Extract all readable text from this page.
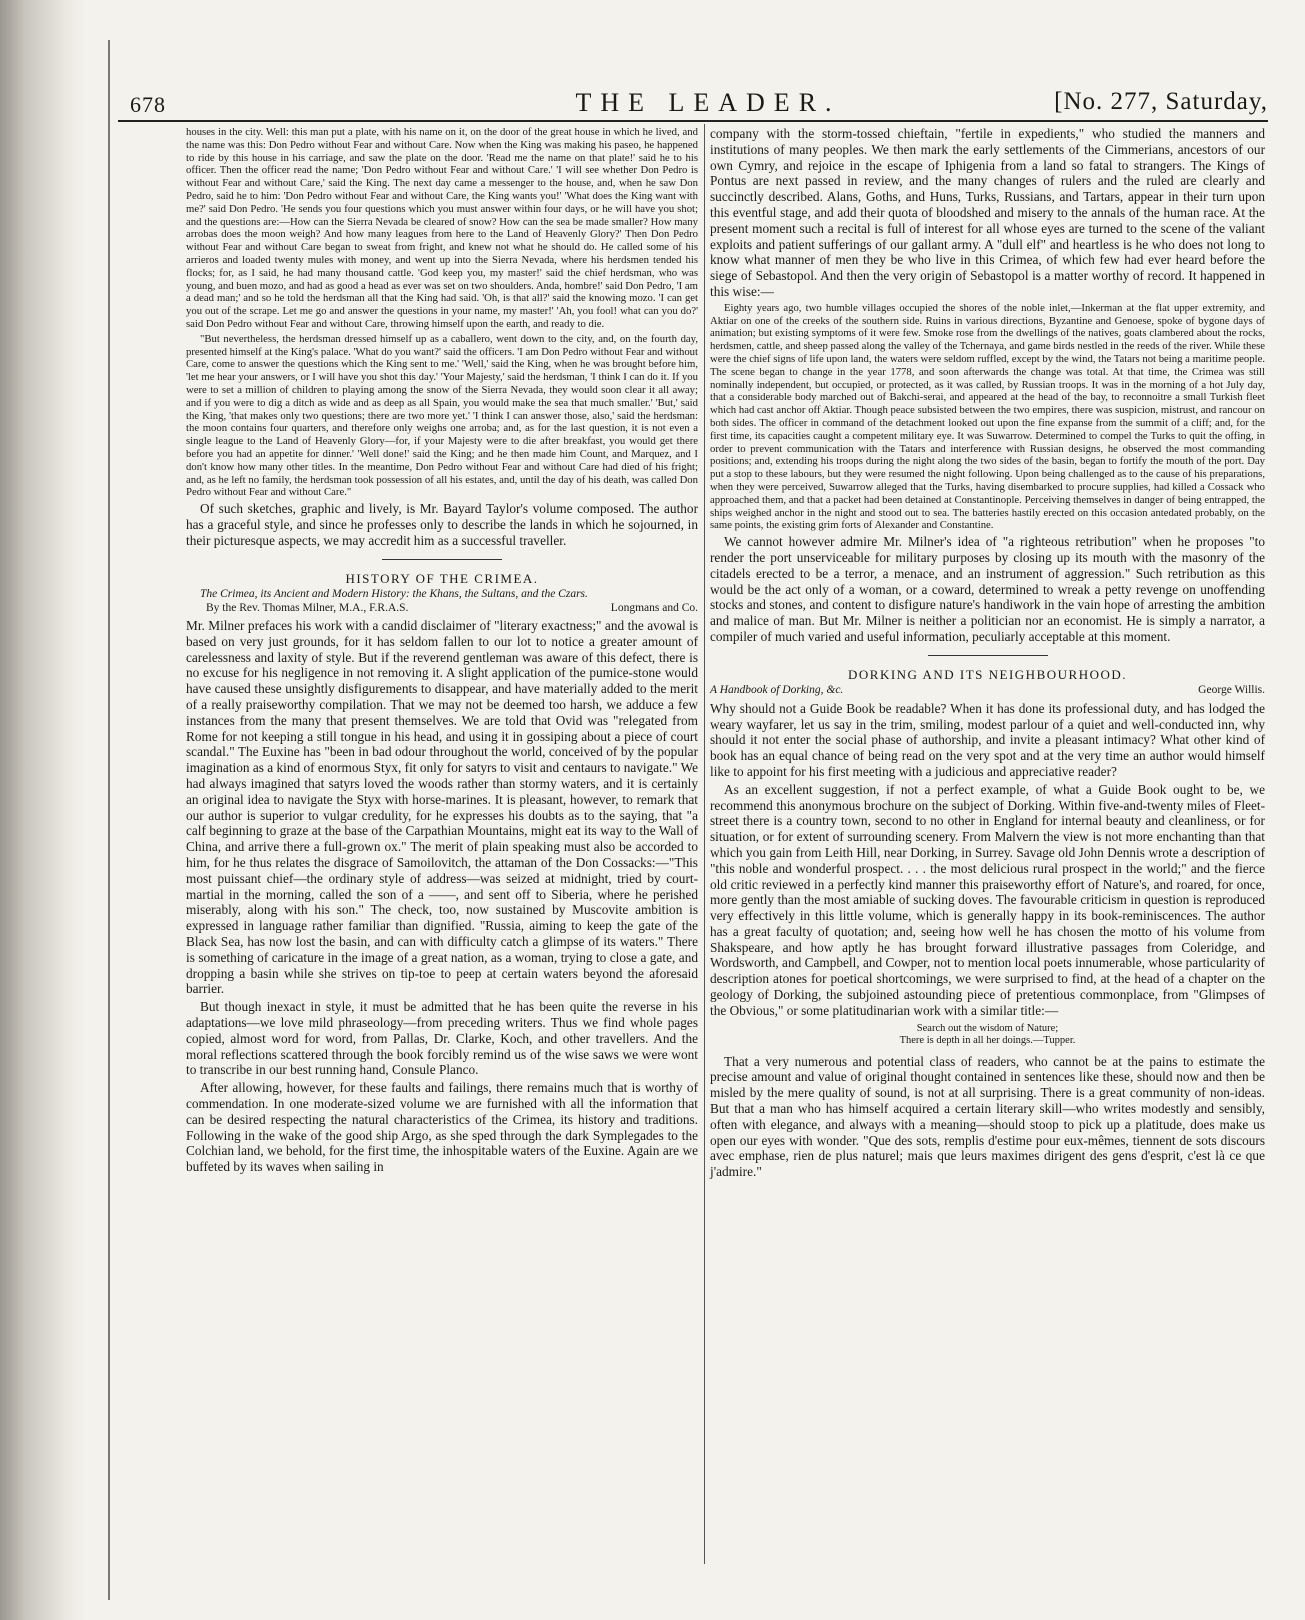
678	THE LEADER.	[No. 277, Saturday,

houses in the city. Well: this man put a plate, with his name on it, on the door of the great house in which he lived, and the name was this: Don Pedro without Fear and without Care. Now when the King was making his paseo, he happened to ride by this house in his carriage, and saw the plate on the door. 'Read me the name on that plate!' said he to his officer. Then the officer read the name; 'Don Pedro without Fear and without Care.' 'I will see whether Don Pedro is without Fear and without Care,' said the King. The next day came a messenger to the house, and, when he saw Don Pedro, said he to him: 'Don Pedro without Fear and without Care, the King wants you!' 'What does the King want with me?' said Don Pedro. 'He sends you four questions which you must answer within four days, or he will have you shot; and the questions are:—How can the Sierra Nevada be cleared of snow? How can the sea be made smaller? How many arrobas does the moon weigh? And how many leagues from here to the Land of Heavenly Glory?' Then Don Pedro without Fear and without Care began to sweat from fright, and knew not what he should do. He called some of his arrieros and loaded twenty mules with money, and went up into the Sierra Nevada, where his herdsmen tended his flocks; for, as I said, he had many thousand cattle. 'God keep you, my master!' said the chief herdsman, who was young, and buen mozo, and had as good a head as ever was set on two shoulders. Anda, hombre!' said Don Pedro, 'I am a dead man;' and so he told the herdsman all that the King had said. 'Oh, is that all?' said the knowing mozo. 'I can get you out of the scrape. Let me go and answer the questions in your name, my master!' 'Ah, you fool! what can you do?' said Don Pedro without Fear and without Care, throwing himself upon the earth, and ready to die.

"But nevertheless, the herdsman dressed himself up as a caballero, went down to the city, and, on the fourth day, presented himself at the King's palace. 'What do you want?' said the officers. 'I am Don Pedro without Fear and without Care, come to answer the questions which the King sent to me.' 'Well,' said the King, when he was brought before him, 'let me hear your answers, or I will have you shot this day.' 'Your Majesty,' said the herdsman, 'I think I can do it. If you were to set a million of children to playing among the snow of the Sierra Nevada, they would soon clear it all away; and if you were to dig a ditch as wide and as deep as all Spain, you would make the sea that much smaller.' 'But,' said the King, 'that makes only two questions; there are two more yet.' 'I think I can answer those, also,' said the herdsman: the moon contains four quarters, and therefore only weighs one arroba; and, as for the last question, it is not even a single league to the Land of Heavenly Glory—for, if your Majesty were to die after breakfast, you would get there before you had an appetite for dinner.' 'Well done!' said the King; and he then made him Count, and Marquez, and I don't know how many other titles. In the meantime, Don Pedro without Fear and without Care had died of his fright; and, as he left no family, the herdsman took possession of all his estates, and, until the day of his death, was called Don Pedro without Fear and without Care."

Of such sketches, graphic and lively, is Mr. Bayard Taylor's volume composed. The author has a graceful style, and since he professes only to describe the lands in which he sojourned, in their picturesque aspects, we may accredit him as a successful traveller.

HISTORY OF THE CRIMEA.

The Crimea, its Ancient and Modern History: the Khans, the Sultans, and the Czars.

By the Rev. Thomas Milner, M.A., F.R.A.S.	Longmans and Co.

Mr. Milner prefaces his work with a candid disclaimer of "literary exactness;" and the avowal is based on very just grounds, for it has seldom fallen to our lot to notice a greater amount of carelessness and laxity of style. But if the reverend gentleman was aware of this defect, there is no excuse for his negligence in not removing it. A slight application of the pumice-stone would have caused these unsightly disfigurements to disappear, and have materially added to the merit of a really praiseworthy compilation. That we may not be deemed too harsh, we adduce a few instances from the many that present themselves. We are told that Ovid was "relegated from Rome for not keeping a still tongue in his head, and using it in gossiping about a piece of court scandal." The Euxine has "been in bad odour throughout the world, conceived of by the popular imagination as a kind of enormous Styx, fit only for satyrs to visit and centaurs to navigate." We had always imagined that satyrs loved the woods rather than stormy waters, and it is certainly an original idea to navigate the Styx with horse-marines. It is pleasant, however, to remark that our author is superior to vulgar credulity, for he expresses his doubts as to the saying, that "a calf beginning to graze at the base of the Carpathian Mountains, might eat its way to the Wall of China, and arrive there a full-grown ox." The merit of plain speaking must also be accorded to him, for he thus relates the disgrace of Samoilovitch, the attaman of the Don Cossacks:—"This most puissant chief—the ordinary style of address—was seized at midnight, tried by court-martial in the morning, called the son of a ——, and sent off to Siberia, where he perished miserably, along with his son." The check, too, now sustained by Muscovite ambition is expressed in language rather familiar than dignified. "Russia, aiming to keep the gate of the Black Sea, has now lost the basin, and can with difficulty catch a glimpse of its waters." There is something of caricature in the image of a great nation, as a woman, trying to close a gate, and dropping a basin while she strives on tip-toe to peep at certain waters beyond the aforesaid barrier.

But though inexact in style, it must be admitted that he has been quite the reverse in his adaptations—we love mild phraseology—from preceding writers. Thus we find whole pages copied, almost word for word, from Pallas, Dr. Clarke, Koch, and other travellers. And the moral reflections scattered through the book forcibly remind us of the wise saws we were wont to transcribe in our best running hand, Consule Planco.

After allowing, however, for these faults and failings, there remains much that is worthy of commendation. In one moderate-sized volume we are furnished with all the information that can be desired respecting the natural characteristics of the Crimea, its history and traditions. Following in the wake of the good ship Argo, as she sped through the dark Symplegades to the Colchian land, we behold, for the first time, the inhospitable waters of the Euxine. Again are we buffeted by its waves when sailing in

company with the storm-tossed chieftain, "fertile in expedients," who studied the manners and institutions of many peoples. We then mark the early settlements of the Cimmerians, ancestors of our own Cymry, and rejoice in the escape of Iphigenia from a land so fatal to strangers. The Kings of Pontus are next passed in review, and the many changes of rulers and the ruled are clearly and succinctly described. Alans, Goths, and Huns, Turks, Russians, and Tartars, appear in their turn upon this eventful stage, and add their quota of bloodshed and misery to the annals of the human race. At the present moment such a recital is full of interest for all whose eyes are turned to the scene of the valiant exploits and patient sufferings of our gallant army. A "dull elf" and heartless is he who does not long to know what manner of men they be who live in this Crimea, of which few had ever heard before the siege of Sebastopol. And then the very origin of Sebastopol is a matter worthy of record. It happened in this wise:—

Eighty years ago, two humble villages occupied the shores of the noble inlet,—Inkerman at the flat upper extremity, and Aktiar on one of the creeks of the southern side. Ruins in various directions, Byzantine and Genoese, spoke of bygone days of animation; but existing symptoms of it were few. Smoke rose from the dwellings of the natives, goats clambered about the rocks, herdsmen, cattle, and sheep passed along the valley of the Tchernaya, and game birds nestled in the reeds of the river. While these were the chief signs of life upon land, the waters were seldom ruffled, except by the wind, the Tatars not being a maritime people. The scene began to change in the year 1778, and soon afterwards the change was total. At that time, the Crimea was still nominally independent, but occupied, or protected, as it was called, by Russian troops. It was in the morning of a hot July day, that a considerable body marched out of Bakchi-serai, and appeared at the head of the bay, to reconnoitre a small Turkish fleet which had cast anchor off Aktiar. Though peace subsisted between the two empires, there was suspicion, mistrust, and rancour on both sides. The officer in command of the detachment looked out upon the fine expanse from the summit of a cliff; and, for the first time, its capacities caught a competent military eye. It was Suwarrow. Determined to compel the Turks to quit the offing, in order to prevent communication with the Tatars and interference with Russian designs, he observed the most commanding positions; and, extending his troops during the night along the two sides of the basin, began to fortify the mouth of the port. Day put a stop to these labours, but they were resumed the night following. Upon being challenged as to the cause of his preparations, when they were perceived, Suwarrow alleged that the Turks, having disembarked to procure supplies, had killed a Cossack who approached them, and that a packet had been detained at Constantinople. Perceiving themselves in danger of being entrapped, the ships weighed anchor in the night and stood out to sea. The batteries hastily erected on this occasion antedated probably, on the same points, the existing grim forts of Alexander and Constantine.

We cannot however admire Mr. Milner's idea of "a righteous retribution" when he proposes "to render the port unserviceable for military purposes by closing up its mouth with the masonry of the citadels erected to be a terror, a menace, and an instrument of aggression." Such retribution as this would be the act only of a woman, or a coward, determined to wreak a petty revenge on unoffending stocks and stones, and content to disfigure nature's handiwork in the vain hope of arresting the ambition and malice of man. But Mr. Milner is neither a politician nor an economist. He is simply a narrator, a compiler of much varied and useful information, peculiarly acceptable at this moment.

DORKING AND ITS NEIGHBOURHOOD.
A Handbook of Dorking, &c.	George Willis.

Why should not a Guide Book be readable? When it has done its professional duty, and has lodged the weary wayfarer, let us say in the trim, smiling, modest parlour of a quiet and well-conducted inn, why should it not enter the social phase of authorship, and invite a pleasant intimacy? What other kind of book has an equal chance of being read on the very spot and at the very time an author would himself like to appoint for his first meeting with a judicious and appreciative reader?

As an excellent suggestion, if not a perfect example, of what a Guide Book ought to be, we recommend this anonymous brochure on the subject of Dorking. Within five-and-twenty miles of Fleet-street there is a country town, second to no other in England for internal beauty and cleanliness, or for situation, or for extent of surrounding scenery. From Malvern the view is not more enchanting than that which you gain from Leith Hill, near Dorking, in Surrey. Savage old John Dennis wrote a description of "this noble and wonderful prospect. . . . the most delicious rural prospect in the world;" and the fierce old critic reviewed in a perfectly kind manner this praiseworthy effort of Nature's, and roared, for once, more gently than the most amiable of sucking doves. The favourable criticism in question is reproduced very effectively in this little volume, which is generally happy in its book-reminiscences. The author has a great faculty of quotation; and, seeing how well he has chosen the motto of his volume from Shakspeare, and how aptly he has brought forward illustrative passages from Coleridge, and Wordsworth, and Campbell, and Cowper, not to mention local poets innumerable, whose particularity of description atones for poetical shortcomings, we were surprised to find, at the head of a chapter on the geology of Dorking, the subjoined astounding piece of pretentious commonplace, from "Glimpses of the Obvious," or some platitudinarian work with a similar title:—

Search out the wisdom of Nature;
There is depth in all her doings.—Tupper.

That a very numerous and potential class of readers, who cannot be at the pains to estimate the precise amount and value of original thought contained in sentences like these, should now and then be misled by the mere quality of sound, is not at all surprising. There is a great community of non-ideas. But that a man who has himself acquired a certain literary skill—who writes modestly and sensibly, often with elegance, and always with a meaning—should stoop to pick up a platitude, does make us open our eyes with wonder. "Que des sots, remplis d'estime pour eux-mêmes, tiennent de sots discours avec emphase, rien de plus naturel; mais que leurs maximes dirigent des gens d'esprit, c'est là ce que j'admire."
